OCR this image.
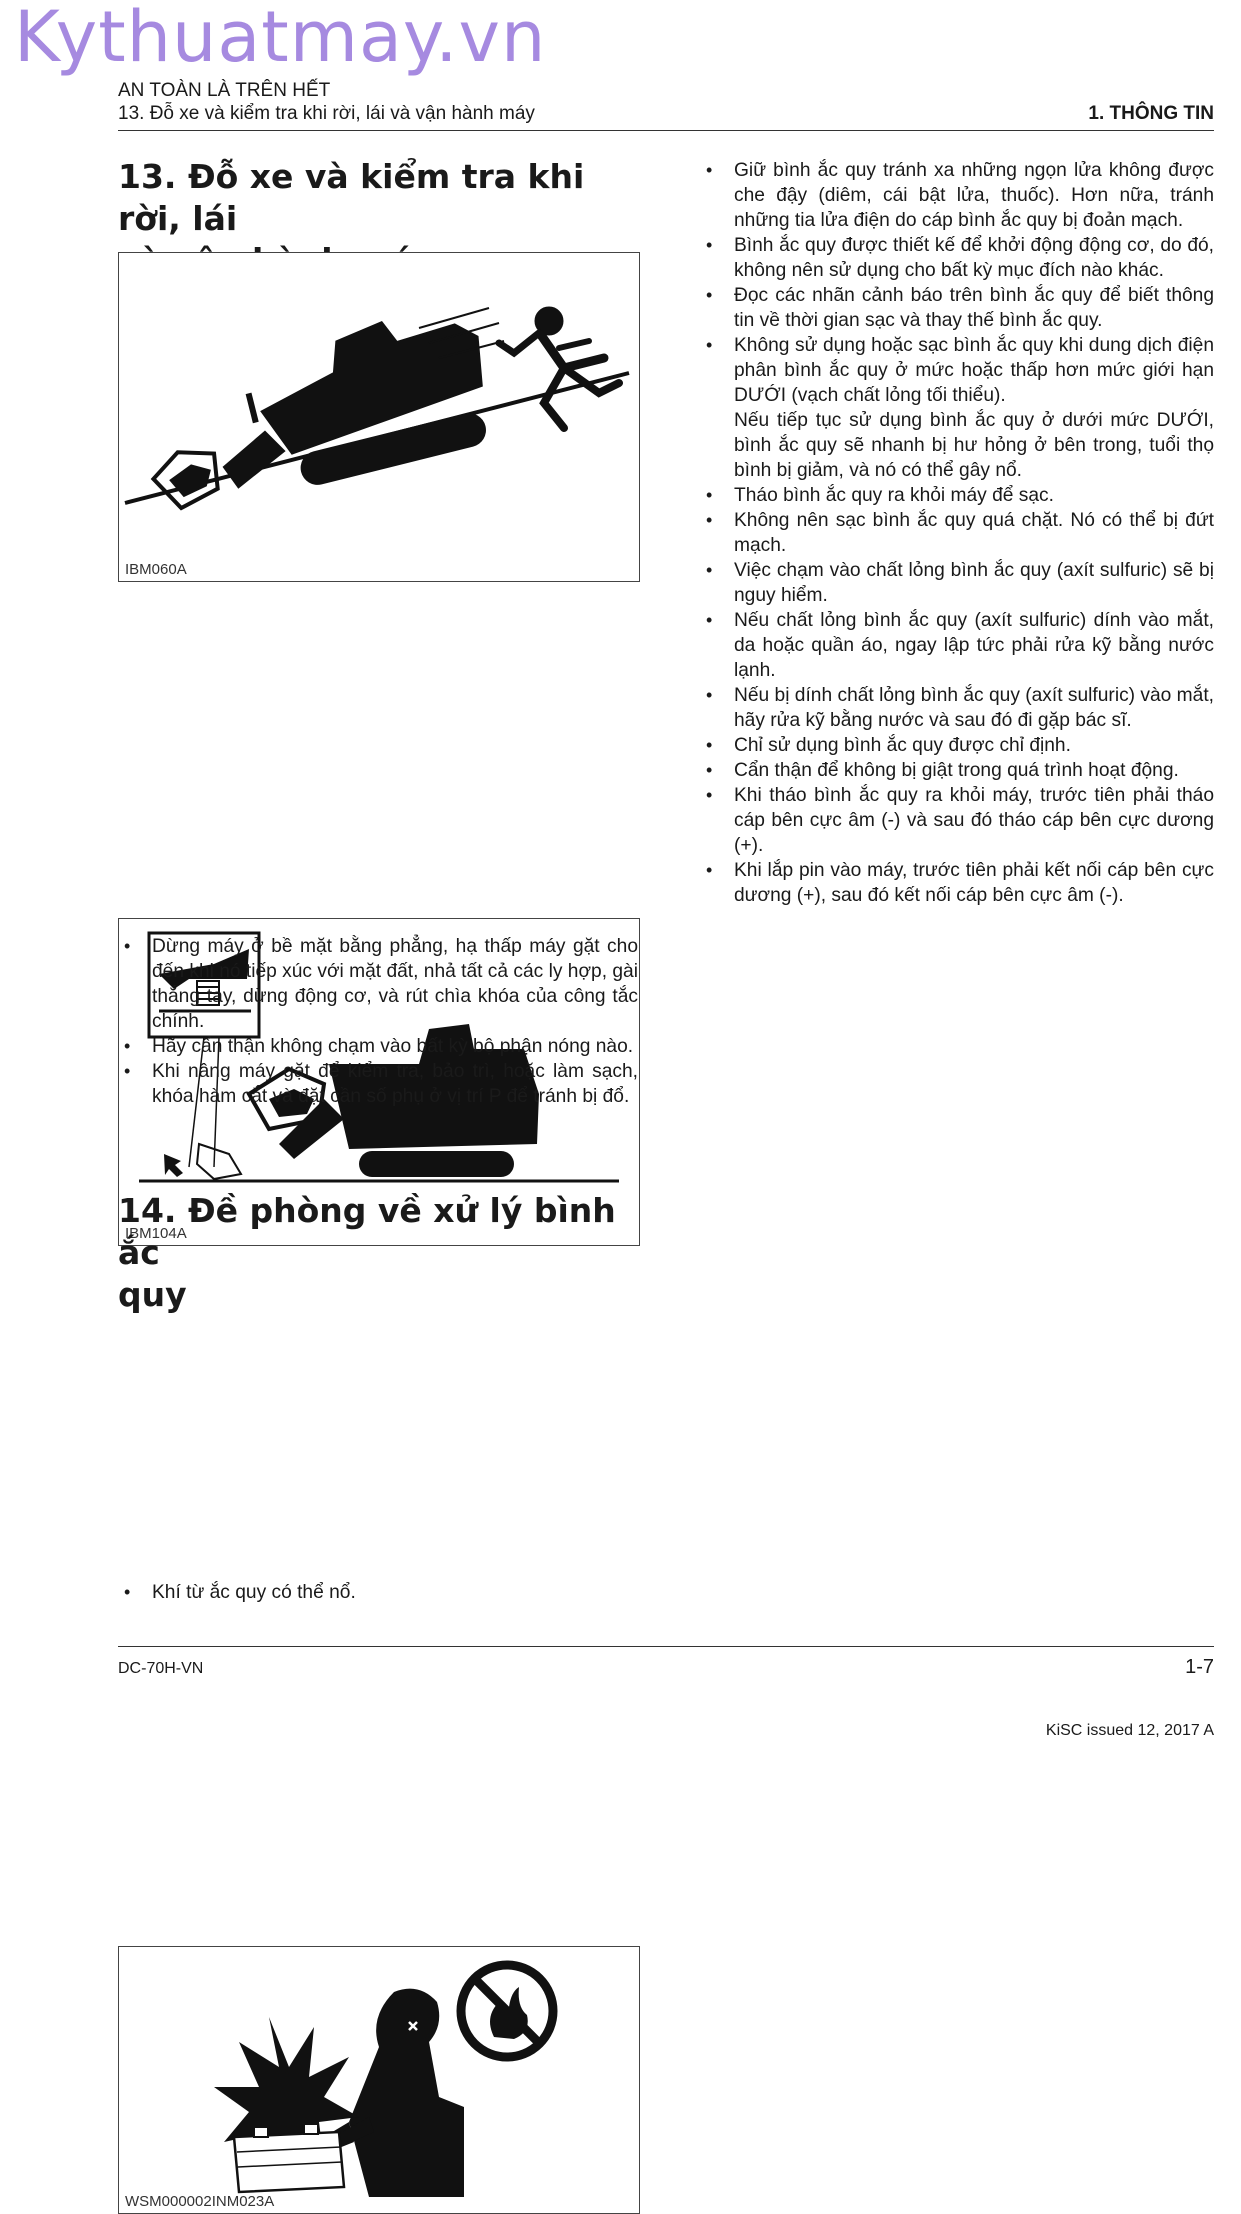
Kythuatmay.vn
AN TOÀN LÀ TRÊN HẾT
13. Đỗ xe và kiểm tra khi rời, lái và vận hành máy	1. THÔNG TIN
13. Đỗ xe và kiểm tra khi rời, lái

IBM060A
IBM104A
• Dừng máy ở bề mặt bằng phẳng, hạ thấp máy gặt cho đến khi nó tiếp xúc với mặt đất, nhả tất cả các ly hợp, gài thắng tay, dừng động cơ, và rút chìa khóa của công tắc chính.
• Hãy cẩn thận không chạm vào bất kỳ bộ phận nóng nào.
• Khi nâng máy gặt để kiểm tra, bảo trì, hoặc làm sạch, khóa hàm cắt và đặt cần số phụ ở vị trí P để tránh bị đổ.
14. Đề phòng về xử lý bình ắc
quy
WSM000002INM023A
• Khí từ ắc quy có thể nổ.
• Giữ bình ắc quy tránh xa những ngọn lửa không được che đậy (diêm, cái bật lửa, thuốc). Hơn nữa, tránh những tia lửa điện do cáp bình ắc quy bị đoản mạch.
• Bình ắc quy được thiết kế để khởi động động cơ, do đó, không nên sử dụng cho bất kỳ mục đích nào khác.
• Đọc các nhãn cảnh báo trên bình ắc quy để biết thông tin về thời gian sạc và thay thế bình ắc quy.
• Không sử dụng hoặc sạc bình ắc quy khi dung dịch điện phân bình ắc quy ở mức hoặc thấp hơn mức giới hạn DƯỚI (vạch chất lỏng tối thiểu).
Nếu tiếp tục sử dụng bình ắc quy ở dưới mức DƯỚI, bình ắc quy sẽ nhanh bị hư hỏng ở bên trong, tuổi thọ bình bị giảm, và nó có thể gây nổ.
• Tháo bình ắc quy ra khỏi máy để sạc.
• Không nên sạc bình ắc quy quá chặt. Nó có thể bị đứt mạch.
• Việc chạm vào chất lỏng bình ắc quy (axít sulfuric) sẽ bị nguy hiểm.
• Nếu chất lỏng bình ắc quy (axít sulfuric) dính vào mắt, da hoặc quần áo, ngay lập tức phải rửa kỹ bằng nước lạnh.
• Nếu bị dính chất lỏng bình ắc quy (axít sulfuric) vào mắt, hãy rửa kỹ bằng nước và sau đó đi gặp bác sĩ.
• Chỉ sử dụng bình ắc quy được chỉ định.
• Cẩn thận để không bị giật trong quá trình hoạt động.
• Khi tháo bình ắc quy ra khỏi máy, trước tiên phải tháo cáp bên cực âm (-) và sau đó tháo cáp bên cực dương (+).
• Khi lắp pin vào máy, trước tiên phải kết nối cáp bên cực dương (+), sau đó kết nối cáp bên cực âm (-).
DC-70H-VN	1-7
KiSC issued 12, 2017 A
